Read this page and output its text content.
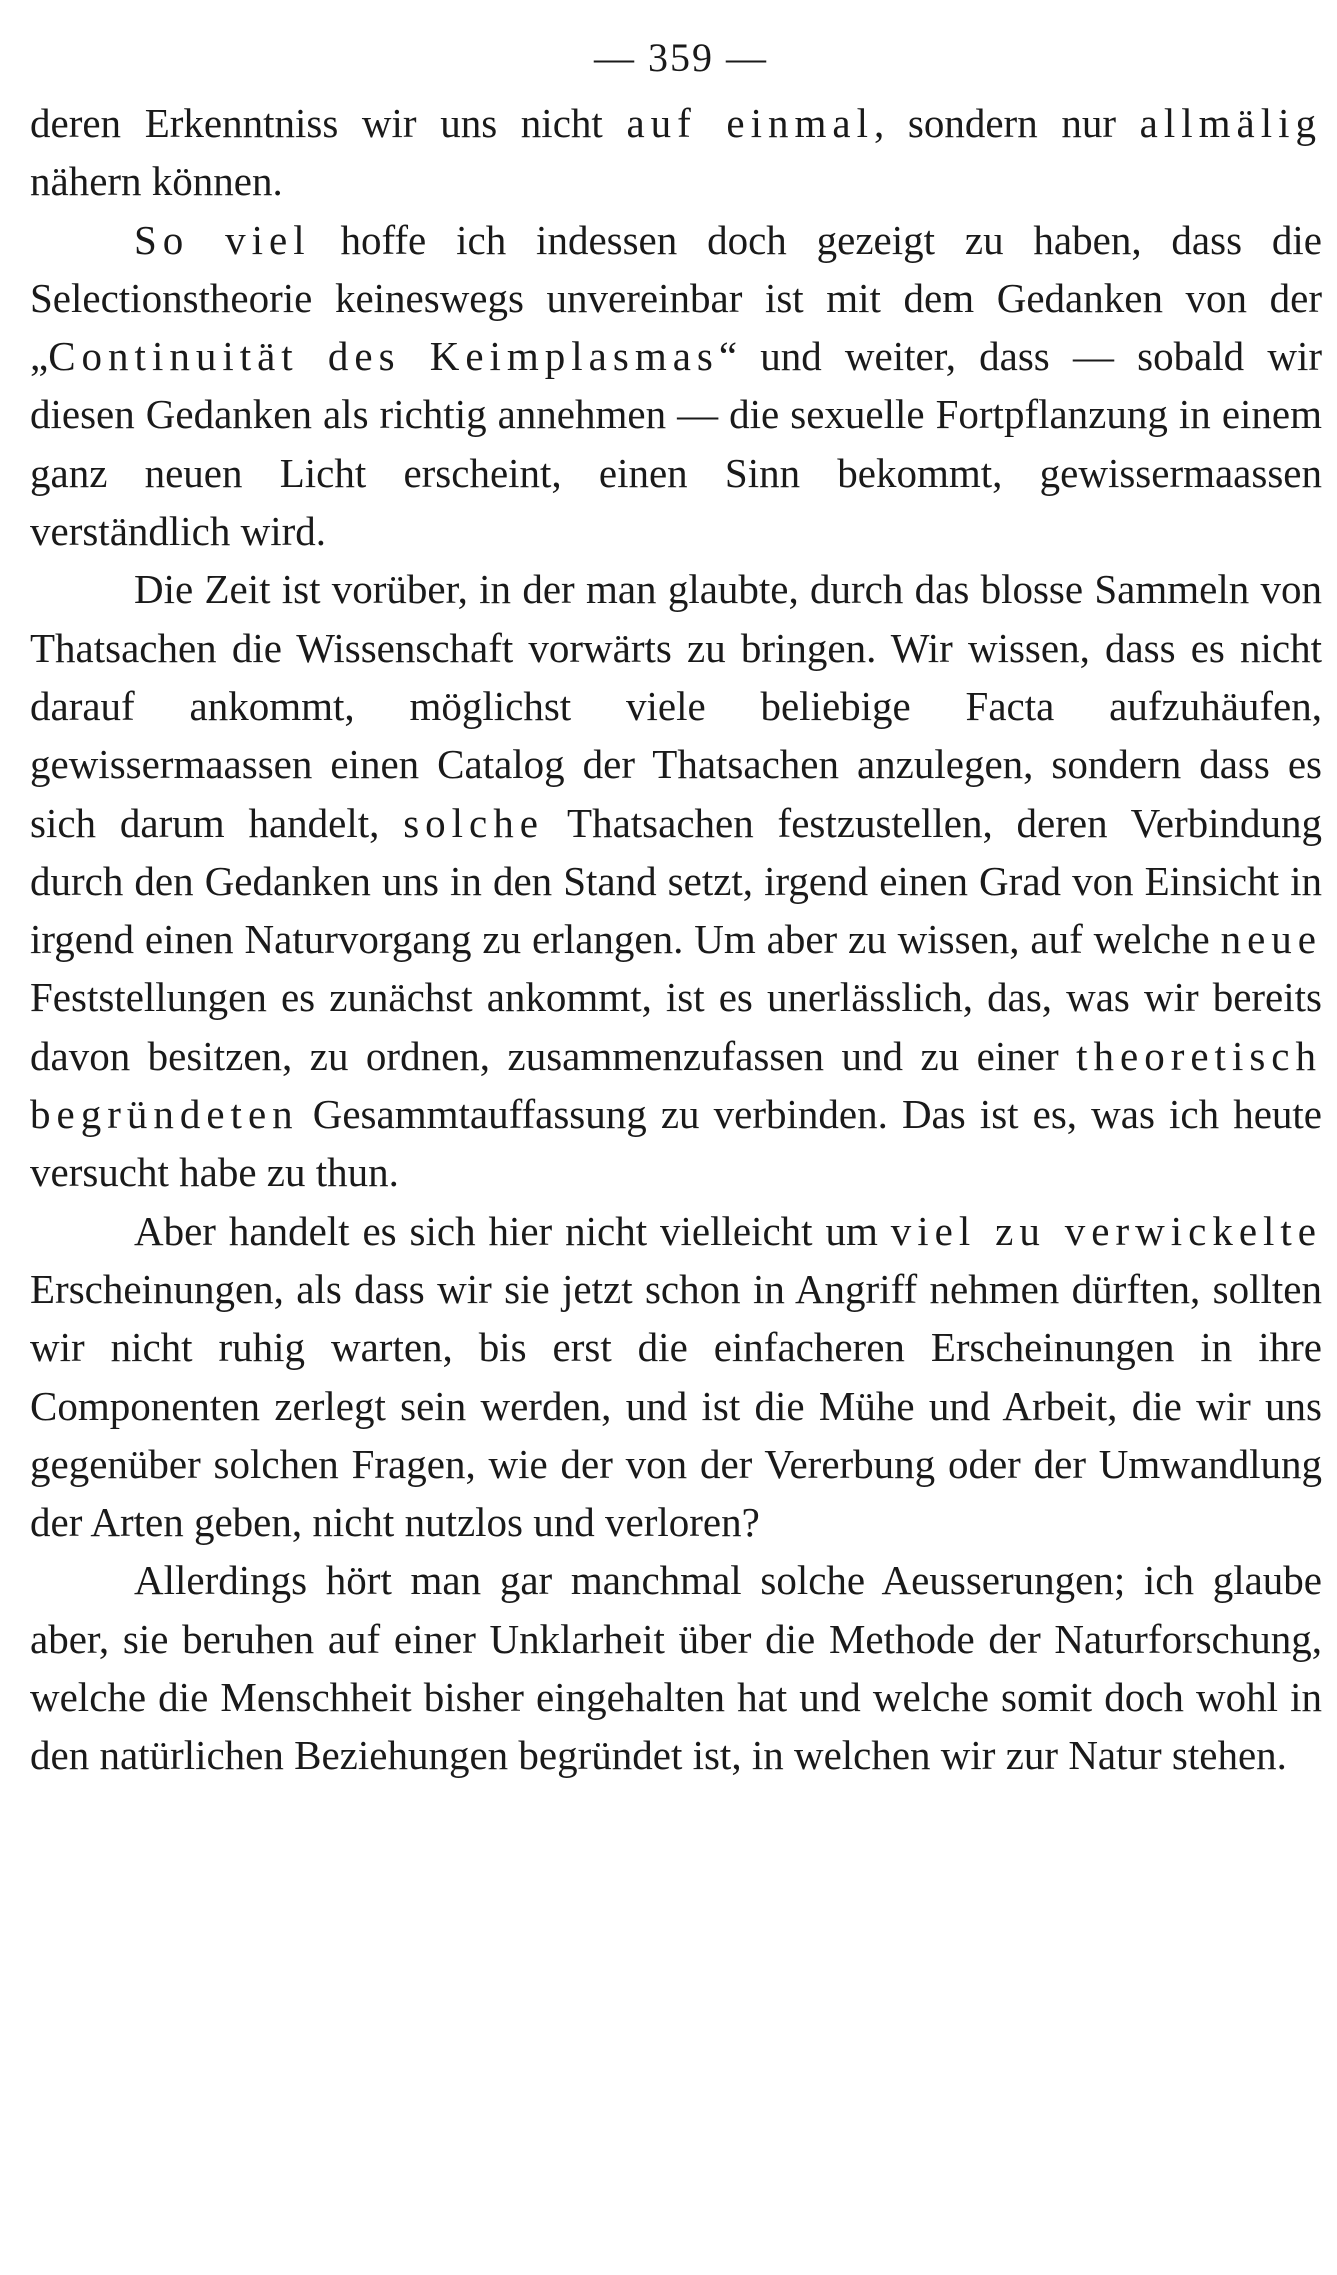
— 359 —

deren Erkenntniss wir uns nicht auf einmal, sondern nur allmälig nähern können.

So viel hoffe ich indessen doch gezeigt zu haben, dass die Selectionstheorie keineswegs unvereinbar ist mit dem Gedanken von der „Continuität des Keimplasmas“ und weiter, dass — sobald wir diesen Gedanken als richtig annehmen — die sexuelle Fortpflanzung in einem ganz neuen Licht erscheint, einen Sinn bekommt, gewissermaassen verständlich wird.

Die Zeit ist vorüber, in der man glaubte, durch das blosse Sammeln von Thatsachen die Wissenschaft vorwärts zu bringen. Wir wissen, dass es nicht darauf ankommt, möglichst viele beliebige Facta aufzuhäufen, gewissermaassen einen Catalog der Thatsachen anzulegen, sondern dass es sich darum handelt, solche Thatsachen festzustellen, deren Verbindung durch den Gedanken uns in den Stand setzt, irgend einen Grad von Einsicht in irgend einen Naturvorgang zu erlangen. Um aber zu wissen, auf welche neue Feststellungen es zunächst ankommt, ist es unerlässlich, das, was wir bereits davon besitzen, zu ordnen, zusammenzufassen und zu einer theoretisch begründeten Gesammtauffassung zu verbinden. Das ist es, was ich heute versucht habe zu thun.

Aber handelt es sich hier nicht vielleicht um viel zu verwickelte Erscheinungen, als dass wir sie jetzt schon in Angriff nehmen dürften, sollten wir nicht ruhig warten, bis erst die einfacheren Erscheinungen in ihre Componenten zerlegt sein werden, und ist die Mühe und Arbeit, die wir uns gegenüber solchen Fragen, wie der von der Vererbung oder der Umwandlung der Arten geben, nicht nutzlos und verloren?

Allerdings hört man gar manchmal solche Aeusserungen; ich glaube aber, sie beruhen auf einer Unklarheit über die Methode der Naturforschung, welche die Menschheit bisher eingehalten hat und welche somit doch wohl in den natürlichen Beziehungen begründet ist, in welchen wir zur Natur stehen.
